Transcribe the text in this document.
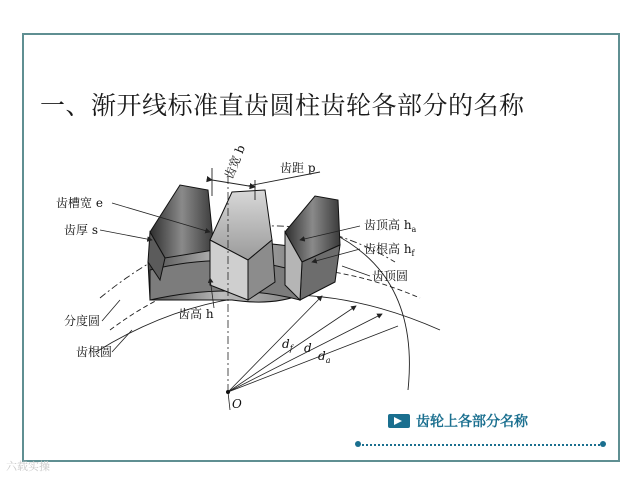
一、渐开线标准直齿圆柱齿轮各部分的名称
齿宽 b	齿距 p
齿槽宽 e
齿厚 s
分度圆
齿根圆
齿顶高 $h_a$
齿根高 $h_f$
齿顶圆
齿高 h
$d_f$ d
$d_a$
O
齿轮上各部分名称
六载实操
